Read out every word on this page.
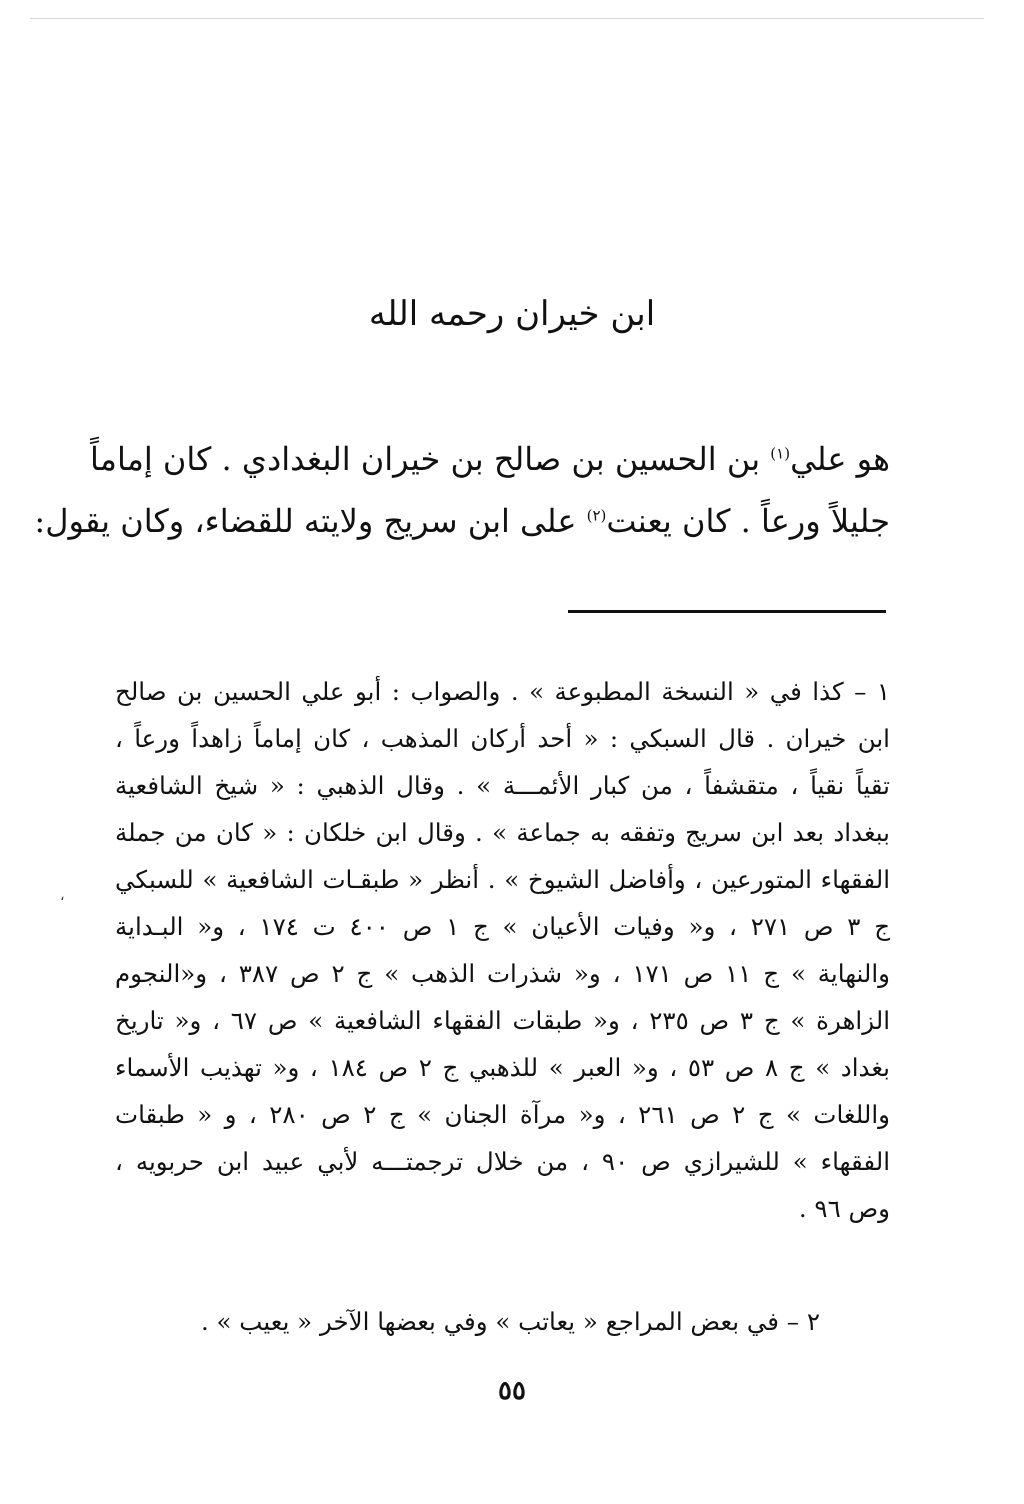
ابن خيران رحمه الله
هو علي$^{(١)}$ بن الحسين بن صالح بن خيران البغدادي . كان إماماً
جليلاً ورعاً . كان يعنت$^{(٢)}$ على ابن سريج ولايته للقضاء، وكان يقول:
١ – كذا في « النسخة المطبوعة » . والصواب : أبو علي الحسين بن صالح
ابن خيران . قال السبكي : « أحد أركان المذهب ، كان إماماً زاهداً ورعاً ،
تقياً نقياً ، متقشفاً ، من كبار الأئمـــة » . وقال الذهبي : « شيخ الشافعية
ببغداد بعد ابن سريج وتفقه به جماعة » . وقال ابن خلكان : « كان من جملة
الفقهاء المتورعين ، وأفاضل الشيوخ » . أنظر « طبقـات الشافعية » للسبكي
ج ٣ ص ٢٧١ ، و« وفيات الأعيان » ج ١ ص ٤٠٠ ت ١٧٤ ، و« البـداية
والنهاية » ج ١١ ص ١٧١ ، و« شذرات الذهب » ج ٢ ص ٣٨٧ ، و«النجوم
الزاهرة » ج ٣ ص ٢٣٥ ، و« طبقات الفقهاء الشافعية » ص ٦٧ ، و« تاريخ
بغداد » ج ٨ ص ٥٣ ، و« العبر » للذهبي ج ٢ ص ١٨٤ ، و« تهذيب الأسماء
واللغات » ج ٢ ص ٢٦١ ، و« مرآة الجنان » ج ٢ ص ٢٨٠ ، و « طبقات
الفقهاء » للشيرازي ص ٩٠ ، من خلال ترجمتـــه لأبي عبيد ابن حربويه ،
وص ٩٦ .
٢ – في بعض المراجع « يعاتب » وفي بعضها الآخر « يعيب » .
،
٥٥
